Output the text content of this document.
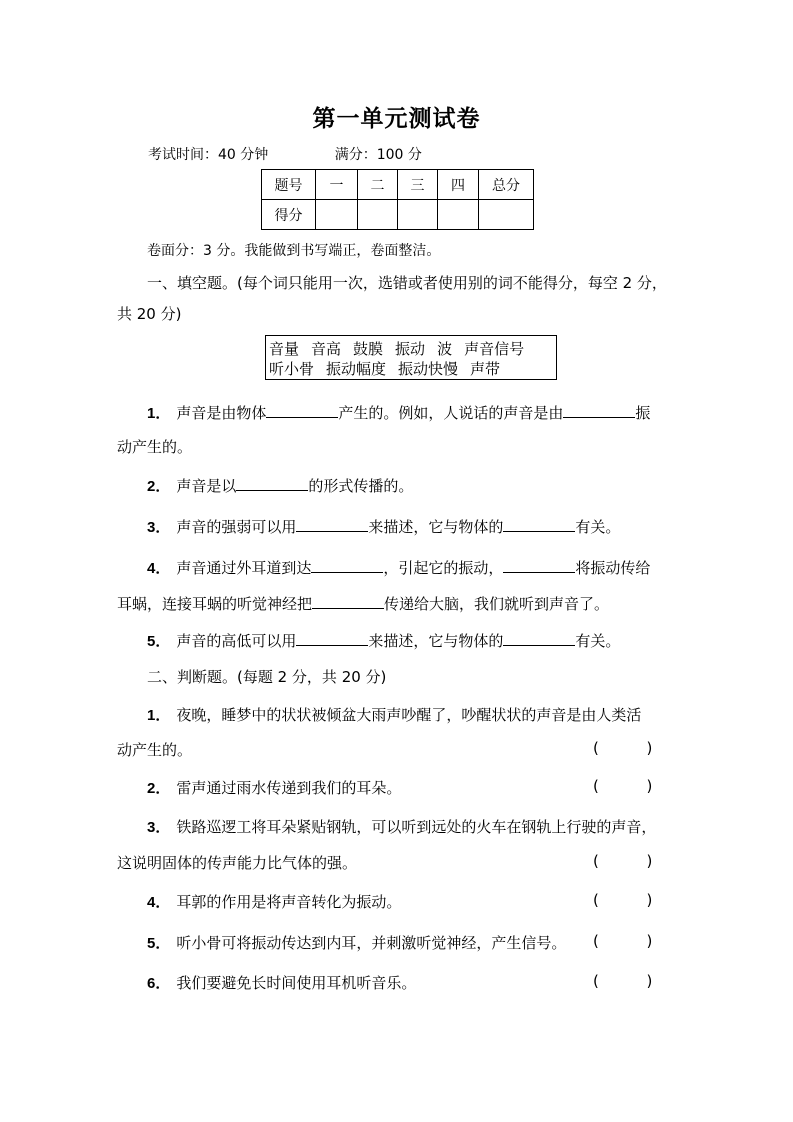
第一单元测试卷
考试时间：40 分钟	满分：100 分
题号	一	二	三	四	总分
得分					
卷面分：3 分。我能做到书写端正，卷面整洁。
一、填空题。(每个词只能用一次，选错或者使用别的词不能得分，每空 2 分，
共 20 分)
音量 音高 鼓膜 振动 波 声音信号
听小骨 振动幅度 振动快慢 声带
1． 声音是由物体	产生的。例如，人说话的声音是由	振
动产生的。
2． 声音是以	的形式传播的。
3． 声音的强弱可以用	来描述，它与物体的	有关。
4． 声音通过外耳道到达	，引起它的振动，	将振动传给
耳蜗，连接耳蜗的听觉神经把	传递给大脑，我们就听到声音了。
5． 声音的高低可以用	来描述，它与物体的	有关。
二、判断题。(每题 2 分，共 20 分)
1． 夜晚，睡梦中的状状被倾盆大雨声吵醒了，吵醒状状的声音是由人类活
动产生的。	(          )
2． 雷声通过雨水传递到我们的耳朵。	(          )
3． 铁路巡逻工将耳朵紧贴钢轨，可以听到远处的火车在钢轨上行驶的声音，
这说明固体的传声能力比气体的强。	(          )
4． 耳郭的作用是将声音转化为振动。	(          )
5． 听小骨可将振动传达到内耳，并刺激听觉神经，产生信号。 (          )
6． 我们要避免长时间使用耳机听音乐。	(          )
